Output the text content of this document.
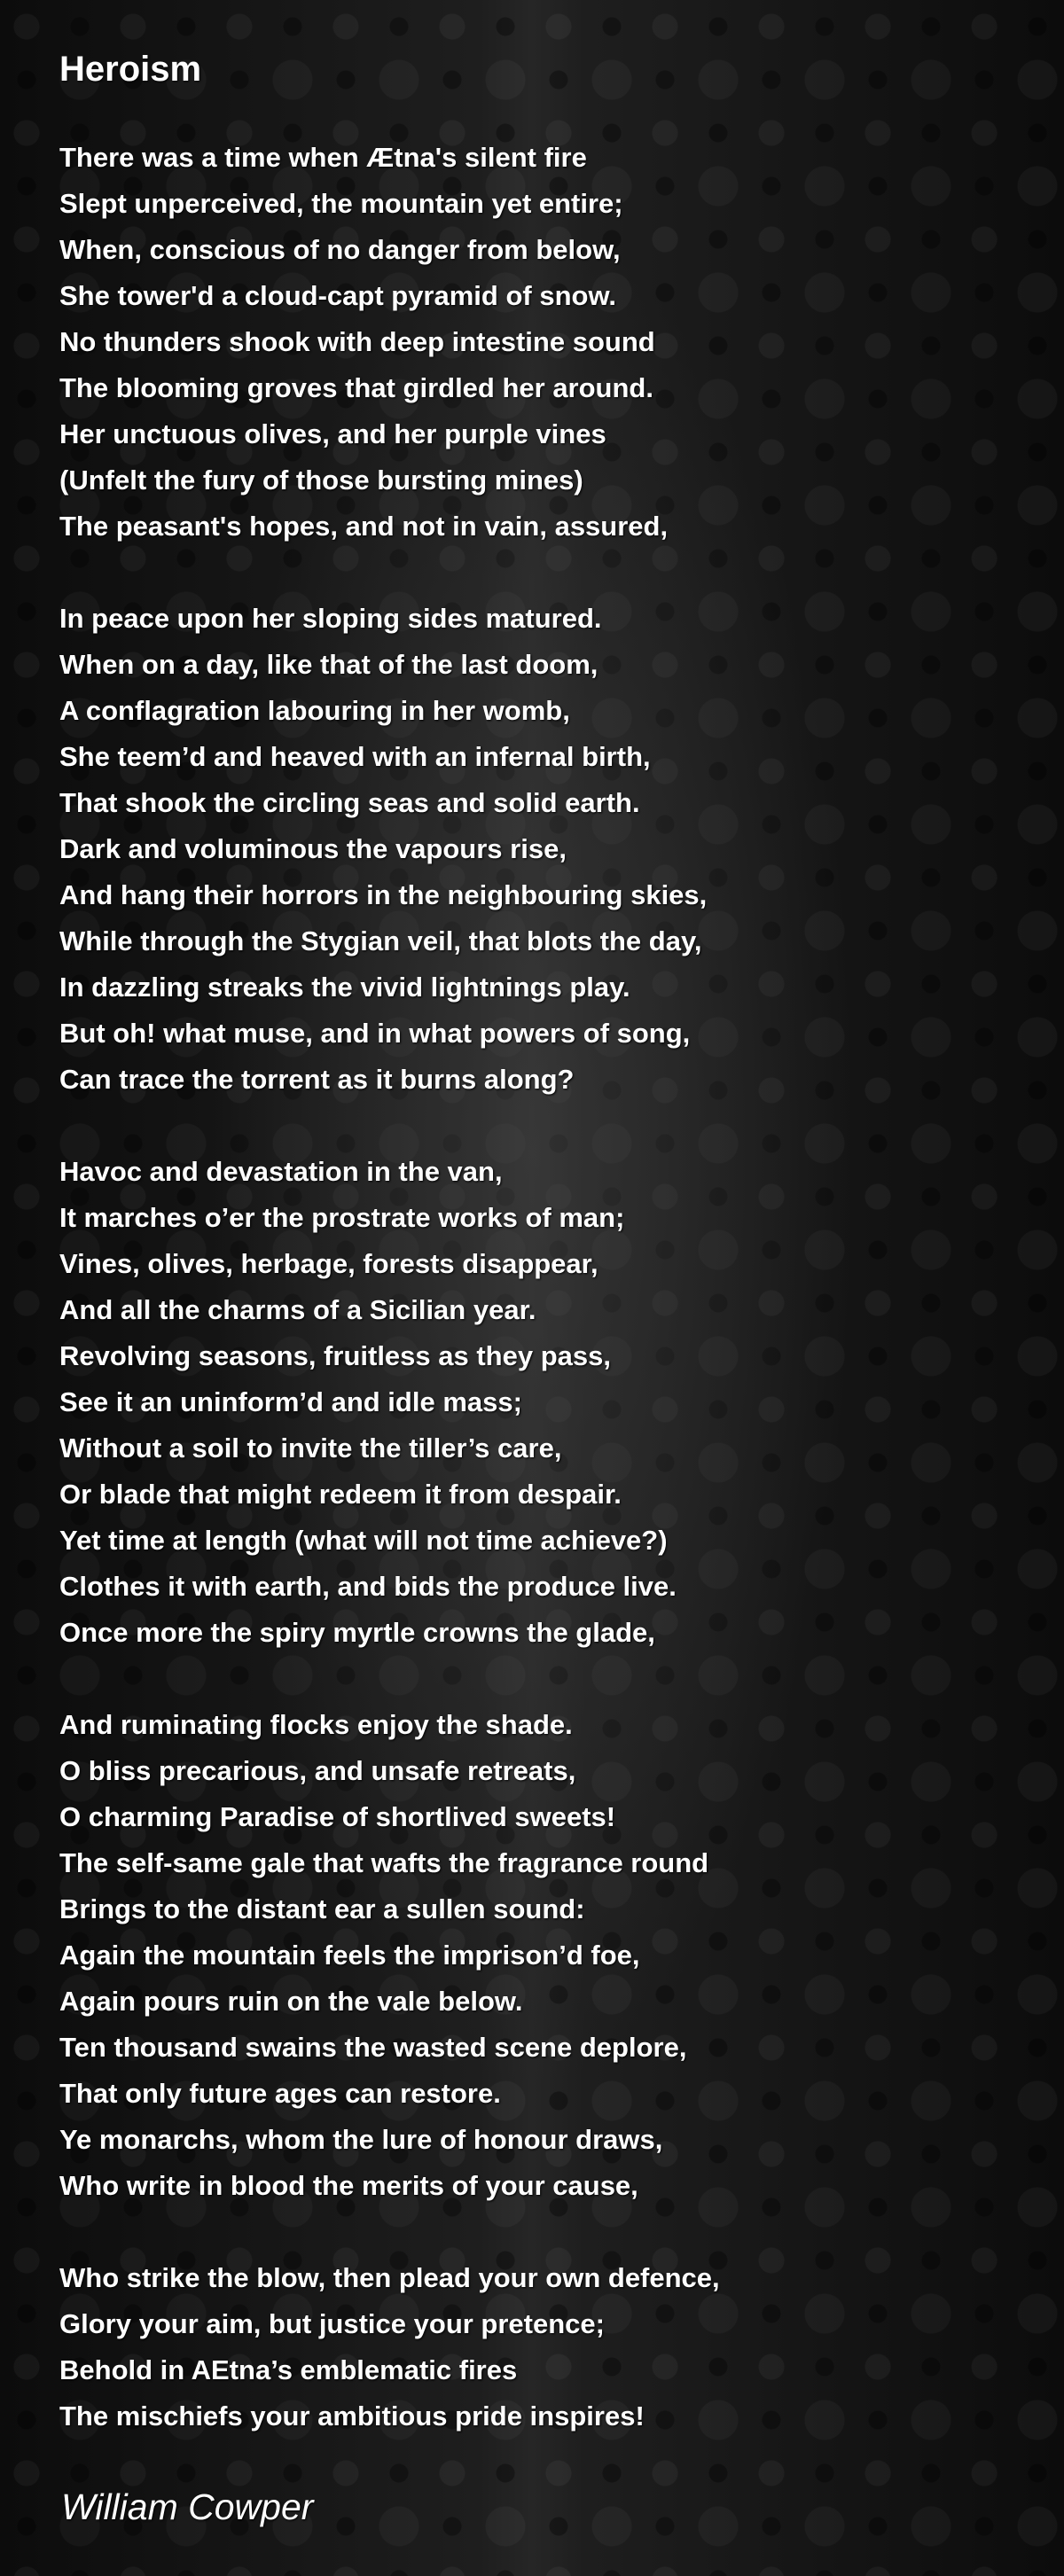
Heroism
There was a time when Ætna's silent fire
Slept unperceived, the mountain yet entire;
When, conscious of no danger from below,
She tower'd a cloud-capt pyramid of snow.
No thunders shook with deep intestine sound
The blooming groves that girdled her around.
Her unctuous olives, and her purple vines
(Unfelt the fury of those bursting mines)
The peasant's hopes, and not in vain, assured,
In peace upon her sloping sides matured.
When on a day, like that of the last doom,
A conflagration labouring in her womb,
She teem’d and heaved with an infernal birth,
That shook the circling seas and solid earth.
Dark and voluminous the vapours rise,
And hang their horrors in the neighbouring skies,
While through the Stygian veil, that blots the day,
In dazzling streaks the vivid lightnings play.
But oh! what muse, and in what powers of song,
Can trace the torrent as it burns along?
Havoc and devastation in the van,
It marches o’er the prostrate works of man;
Vines, olives, herbage, forests disappear,
And all the charms of a Sicilian year.
Revolving seasons, fruitless as they pass,
See it an uninform’d and idle mass;
Without a soil to invite the tiller’s care,
Or blade that might redeem it from despair.
Yet time at length (what will not time achieve?)
Clothes it with earth, and bids the produce live.
Once more the spiry myrtle crowns the glade,
And ruminating flocks enjoy the shade.
O bliss precarious, and unsafe retreats,
O charming Paradise of shortlived sweets!
The self-same gale that wafts the fragrance round
Brings to the distant ear a sullen sound:
Again the mountain feels the imprison’d foe,
Again pours ruin on the vale below.
Ten thousand swains the wasted scene deplore,
That only future ages can restore.
Ye monarchs, whom the lure of honour draws,
Who write in blood the merits of your cause,
Who strike the blow, then plead your own defence,
Glory your aim, but justice your pretence;
Behold in AEtna’s emblematic fires
The mischiefs your ambitious pride inspires!

William Cowper
